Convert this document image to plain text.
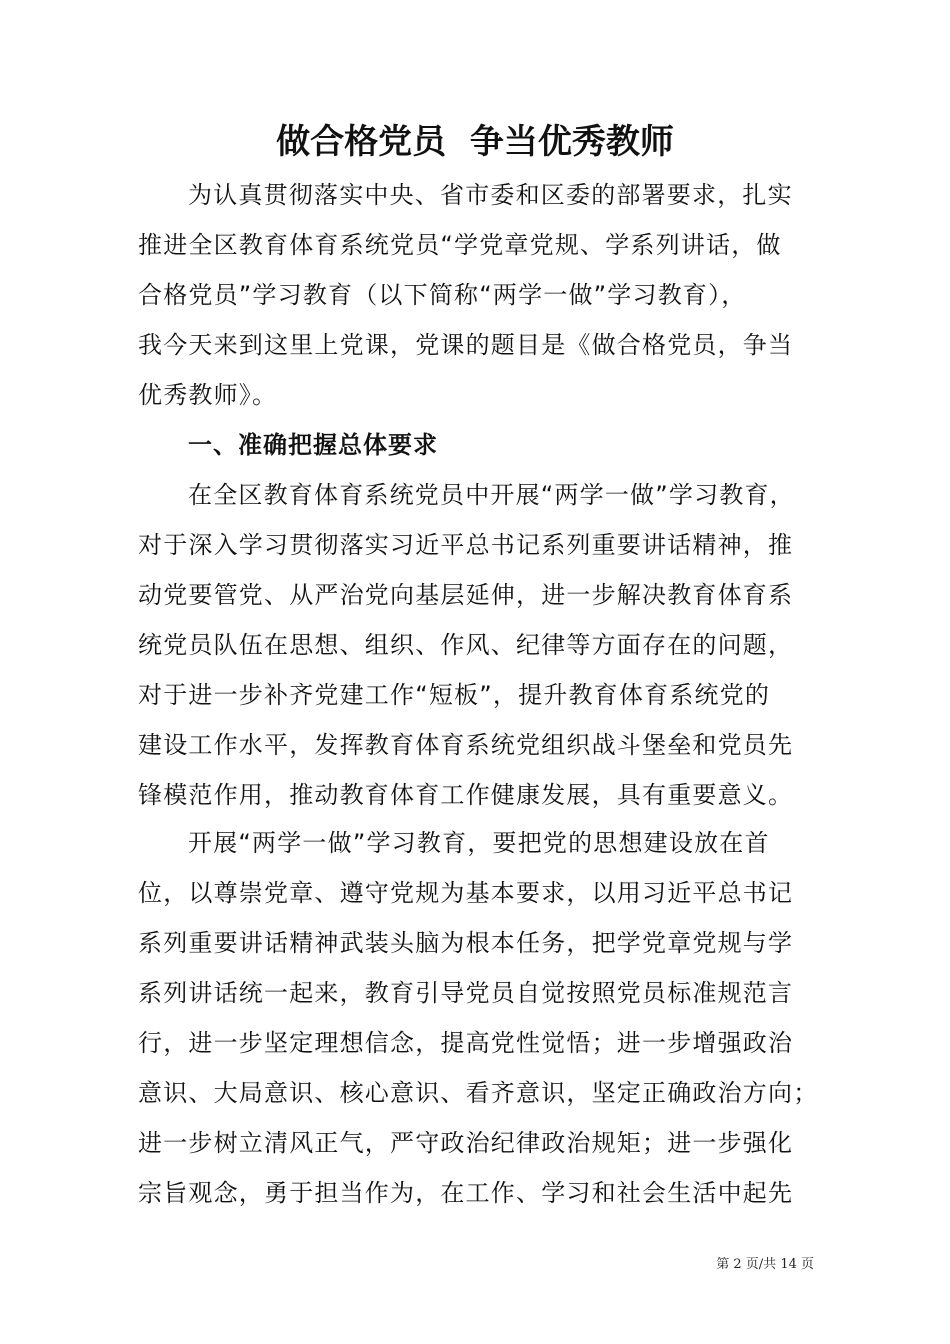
做合格党员  争当优秀教师
为认真贯彻落实中央、省市委和区委的部署要求，扎实
推进全区教育体育系统党员“学党章党规、学系列讲话，做
合格党员”学习教育（以下简称“两学一做”学习教育），
我今天来到这里上党课，党课的题目是《做合格党员，争当
优秀教师》。
一、准确把握总体要求
在全区教育体育系统党员中开展“两学一做”学习教育，
对于深入学习贯彻落实习近平总书记系列重要讲话精神，推
动党要管党、从严治党向基层延伸，进一步解决教育体育系
统党员队伍在思想、组织、作风、纪律等方面存在的问题，
对于进一步补齐党建工作“短板”，提升教育体育系统党的
建设工作水平，发挥教育体育系统党组织战斗堡垒和党员先
锋模范作用，推动教育体育工作健康发展，具有重要意义。
开展“两学一做”学习教育，要把党的思想建设放在首
位，以尊崇党章、遵守党规为基本要求，以用习近平总书记
系列重要讲话精神武装头脑为根本任务，把学党章党规与学
系列讲话统一起来，教育引导党员自觉按照党员标准规范言
行，进一步坚定理想信念，提高党性觉悟；进一步增强政治
意识、大局意识、核心意识、看齐意识，坚定正确政治方向；
进一步树立清风正气，严守政治纪律政治规矩；进一步强化
宗旨观念，勇于担当作为，在工作、学习和社会生活中起先
第 2 页/共 14 页
